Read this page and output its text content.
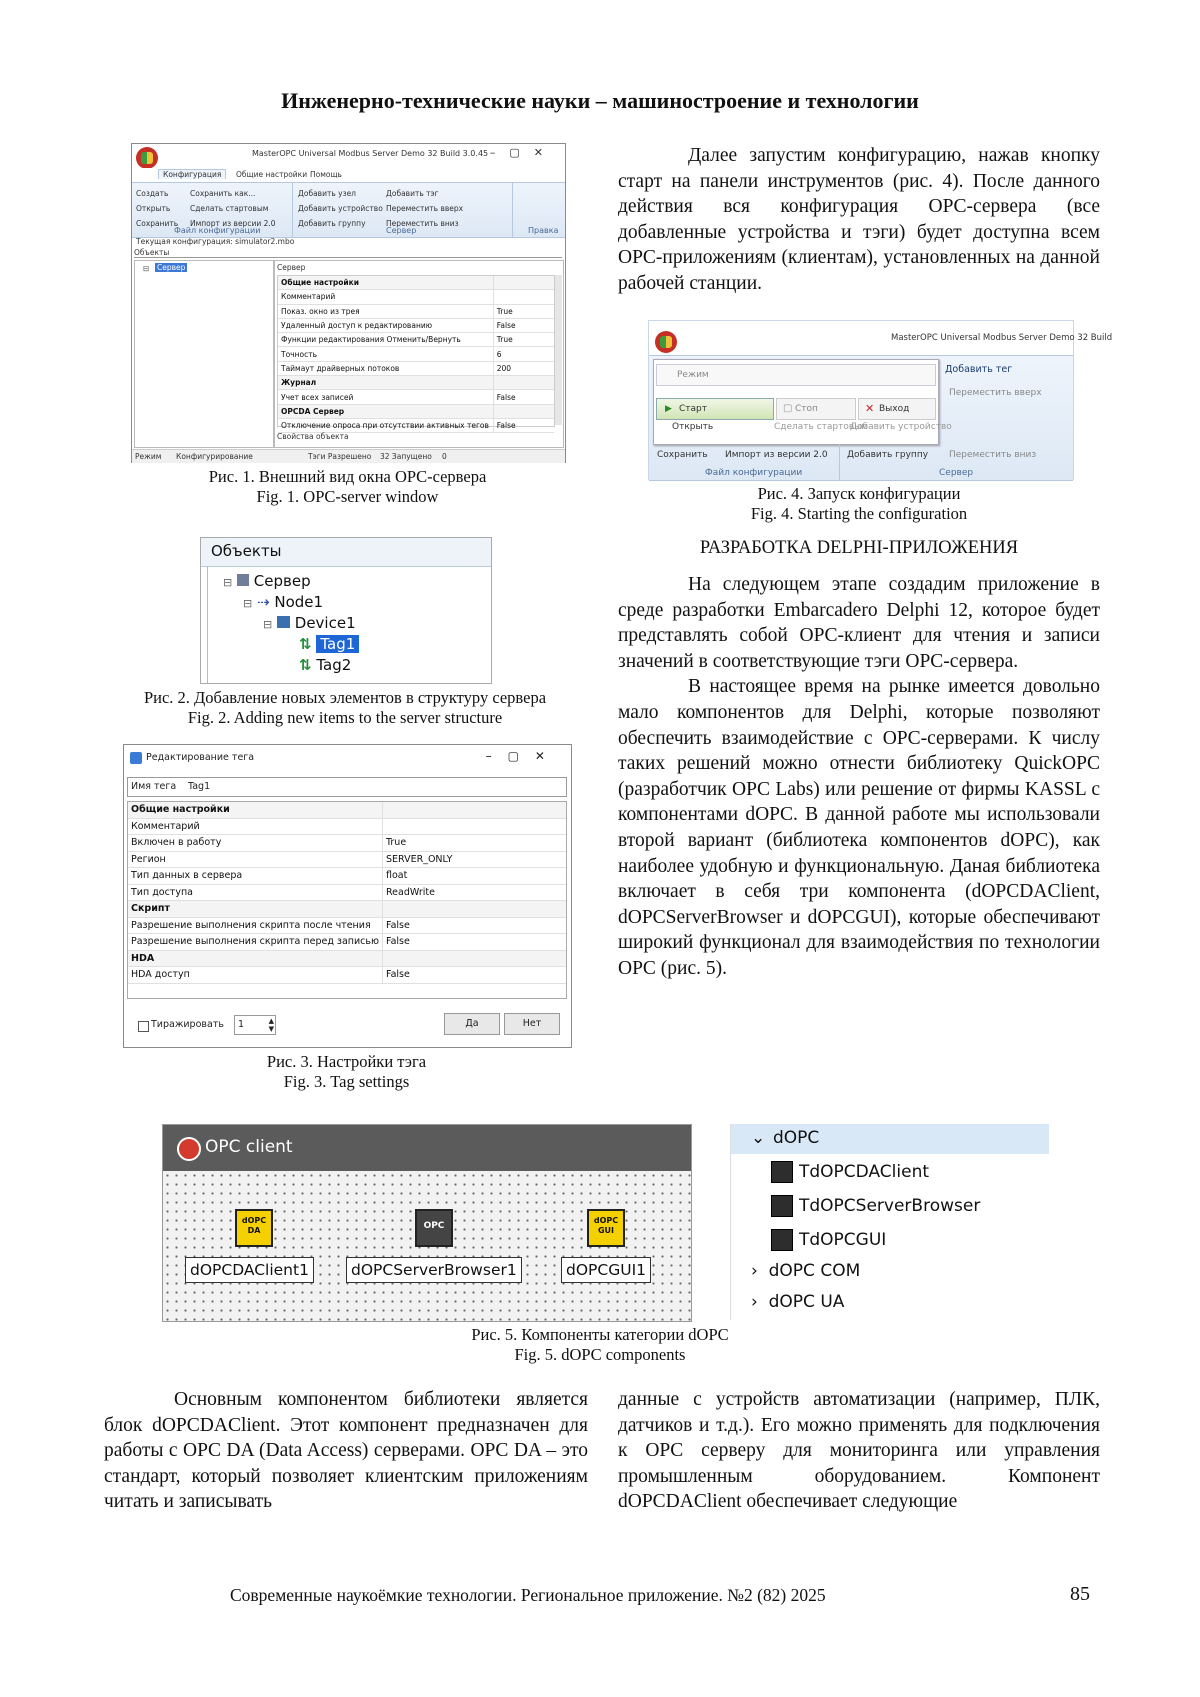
Инженерно-технические науки – машиностроение и технологии
MasterOPC Universal Modbus Server Demo 32 Build 3.0.45 –▢✕
Конфигурация	Общие настройки Помощь
Создать
Открыть
Сохранить
Сохранить как...
Сделать стартовым
Импорт из версии 2.0
Добавить узел
Добавить устройство
Добавить группу
Добавить тэг
Переместить вверх
Переместить вниз
Файл конфигурации	Сервер	Правка
Текущая конфигурация: simulator2.mbo
Объекты
⊟ Сервер	Сервер
Общие настройки	
Комментарий	
Показ. окно из трея	True
Удаленный доступ к редактированию	False
Функции редактирования Отменить/Вернуть	True
Точность	6
Таймаут драйверных потоков	200
Журнал	
Учет всех записей	False
OPCDA Сервер	
Отключение опроса при отсутствии активных тегов	False
Свойства объекта
Режим Конфигурирование	Тэги Разрешено 32 Запущено 0
Рис. 1. Внешний вид окна OPC-сервера
Fig. 1. OPC-server window
Объекты
⊟ Сервер
⊟ ⇢ Node1
⊟ Device1
⇅ Tag1
⇅ Tag2
Рис. 2. Добавление новых элементов в структуру сервера
Fig. 2. Adding new items to the server structure
Редактирование тега	–▢✕
Имя тега Tag1
Общие настройки	
Комментарий	
Включен в работу	True
Регион	SERVER_ONLY
Тип данных в сервера	float
Тип доступа	ReadWrite
Скрипт	
Разрешение выполнения скрипта после чтения	False
Разрешение выполнения скрипта перед записью	False
HDA	
HDA доступ	False
Тиражировать 1	▲
▼	Да	Нет
Рис. 3. Настройки тэга
Fig. 3. Tag settings

Далее запустим конфигурацию, нажав кнопку старт на панели инструментов (рис. 4). После данного действия вся конфигурация OPC-сервера (все добавленные устройства и тэги) будет доступна всем OPC-приложениям (клиентам), установленных на данной рабочей станции.

MasterOPC Universal Modbus Server Demo 32 Build
Режим
▶ Старт	▢ Стоп	✕ Выход
Открыть	Сделать стартовым
Добавить устройство
Добавить тег
Переместить вверх
Сохранить Импорт из версии 2.0 Добавить группу Переместить вниз
Файл конфигурации	Сервер
Рис. 4. Запуск конфигурации
Fig. 4. Starting the configuration
РАЗРАБОТКА DELPHI-ПРИЛОЖЕНИЯ

На следующем этапе создадим приложение в среде разработки Embarcadero Delphi 12, которое будет представлять собой OPC-клиент для чтения и записи значений в соответствующие тэги OPC-сервера.

В настоящее время на рынке имеется довольно мало компонентов для Delphi, которые позволяют обеспечить взаимодействие с OPC-серверами. К числу таких решений можно отнести библиотеку QuickOPC (разработчик OPC Labs) или решение от фирмы KASSL с компонентами dOPC. В данной работе мы использовали второй вариант (библиотека компонентов dOPC), как наиболее удобную и функциональную. Даная библиотека включает в себя три компонента (dOPCDAClient, dOPCServerBrowser и dOPCGUI), которые обеспечивают широкий функционал для взаимодействия по технологии OPC (рис. 5).

OPC client
dOPC DA
dOPCDAClient1
OPC
dOPCServerBrowser1
dOPC GUI
dOPCGUI1
⌄ dOPC
TdOPCDAClient
TdOPCServerBrowser
TdOPCGUI
› dOPC COM
› dOPC UA
Рис. 5. Компоненты категории dOPC
Fig. 5. dOPC components

Основным компонентом библиотеки является блок dOPCDAClient. Этот компонент предназначен для работы с OPC DA (Data Access) серверами. OPC DA – это стандарт, который позволяет клиентским приложениям читать и записывать

данные с устройств автоматизации (например, ПЛК, датчиков и т.д.). Его можно применять для подключения к OPC серверу для мониторинга или управления промышленным оборудованием. Компонент dOPCDAClient обеспечивает следующие

Современные наукоёмкие технологии. Региональное приложение. №2 (82) 2025	85
